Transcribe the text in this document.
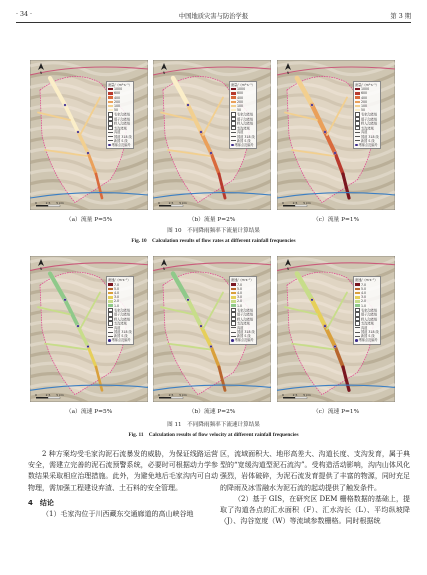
· 34 ·	中国地质灾害与防治学报	第 3 期
N
0	2.5 5 km
流量/（m³·s⁻¹）
1000
600
400
200
100
50
毛家沟流域
德子沟流域
野人沟流域
支沟流域
沟道
国道 318 线
新国 S 线
堵塞点及编号
N
0	2.5 5 km
流量/（m³·s⁻¹）
1000
600
400
200
100
50
毛家沟流域
德子沟流域
野人沟流域
支沟流域
沟道
国道 318 线
新国 S 线
堵塞点及编号
N
0	2.5 5 km
流量/（m³·s⁻¹）
1000
600
400
200
100
50
毛家沟流域
德子沟流域
野人沟流域
支沟流域
沟道
国道 318 线
新国 S 线
堵塞点及编号
（a）流量 P=5%	（b）流量 P=2%	（c）流量 P=1%
图 10　不同降雨频率下流量计算结果
Fig. 10　Calculation results of flow rates at different rainfall frequencies
N
0	2.5 5 km
流速/（m·s⁻¹）
7.0
5.0
4.0
3.0
2.0
1.0
毛家沟流域
德子沟流域
野人沟流域
支沟流域
沟道
国道 318 线
新国 S 线
堵塞点及编号
N
0	2.5 5 km
流速/（m·s⁻¹）
7.0
5.0
4.0
3.0
2.0
1.0
毛家沟流域
德子沟流域
野人沟流域
支沟流域
沟道
国道 318 线
新国 S 线
堵塞点及编号
N
0	2.5 5 km
流速/（m·s⁻¹）
7.0
5.0
4.0
3.0
2.0
1.0
毛家沟流域
德子沟流域
野人沟流域
支沟流域
沟道
国道 318 线
新国 S 线
堵塞点及编号
（a）流速 P=5%	（b）流速 P=2%	（c）流速 P=1%
图 11　不同降雨频率下流速计算结果
Fig. 11　Calculation results of flow velocity at different rainfall frequencies

2 种方案均受毛家沟泥石流暴发的威胁，为保证线路运营安全，需建立完善的泥石流预警系统，必要时可根据动力学参数结果采取相应治理措施。此外，为避免地后毛家沟内可自动物理，需加强工程建设弃渣、土石料的安全管理。

4　结论

（1）毛家沟位于川西藏东交通廊道的高山峡谷地

区，流域面积大、地形高差大、沟道长度、支沟发育，属于典型的“宽缓沟道型泥石流沟”。受构造活动影响，沟内山体风化强烈，岩体破碎，为泥石流发育提供了丰富的物源，同时充足的降雨及冰雪融水为泥石流的起动提供了触发条件。

（2）基于 GIS，在研究区 DEM 栅格数据的基础上，提取了沟道各点的汇水面积（F）、汇水沟长（L）、平均纵坡降（J）、沟谷宽度（W）等流域参数栅格。同时根据统
